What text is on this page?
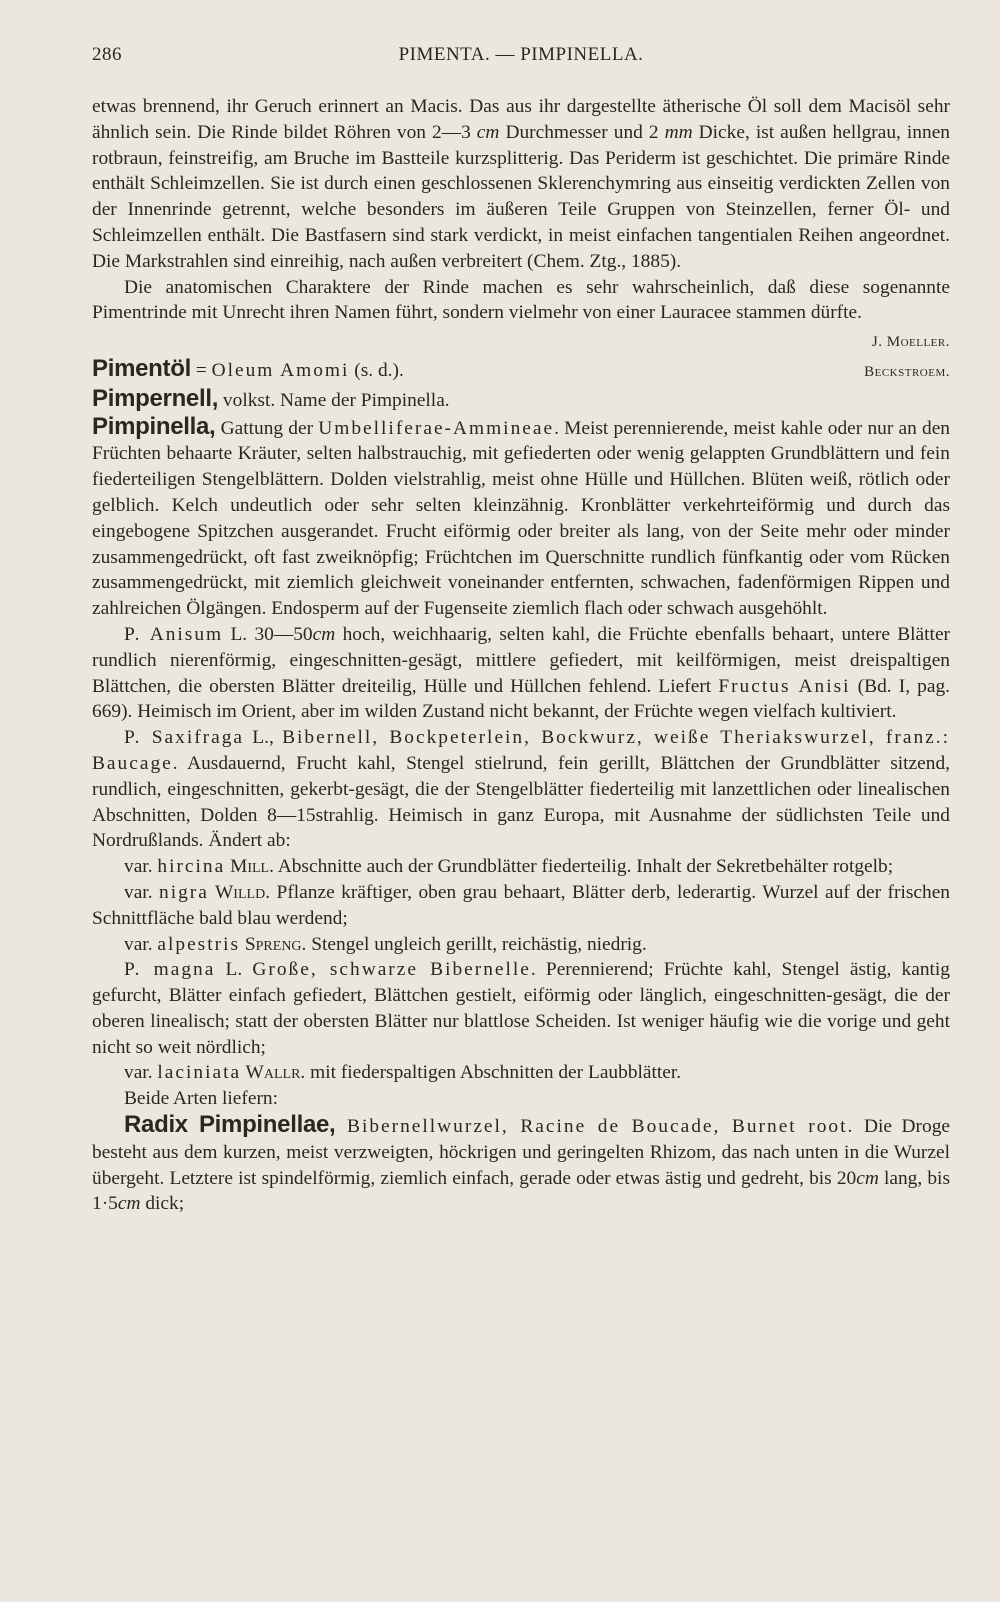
286	PIMENTA. — PIMPINELLA.

etwas brennend, ihr Geruch erinnert an Macis. Das aus ihr dargestellte ätherische Öl soll dem Macisöl sehr ähnlich sein. Die Rinde bildet Röhren von 2—3 cm Durchmesser und 2 mm Dicke, ist außen hellgrau, innen rotbraun, feinstreifig, am Bruche im Bastteile kurzsplitterig. Das Periderm ist geschichtet. Die primäre Rinde enthält Schleimzellen. Sie ist durch einen geschlossenen Sklerenchymring aus einseitig verdickten Zellen von der Innenrinde getrennt, welche besonders im äußeren Teile Gruppen von Steinzellen, ferner Öl- und Schleimzellen enthält. Die Bastfasern sind stark verdickt, in meist einfachen tangentialen Reihen angeordnet. Die Markstrahlen sind einreihig, nach außen verbreitert (Chem. Ztg., 1885).

Die anatomischen Charaktere der Rinde machen es sehr wahrscheinlich, daß diese sogenannte Pimentrinde mit Unrecht ihren Namen führt, sondern vielmehr von einer Lauracee stammen dürfte.
J. Moeller.

Pimentöl = Oleum Amomi (s. d.).	Beckstroem.

Pimpernell, volkst. Name der Pimpinella.

Pimpinella, Gattung der Umbelliferae-Ammineae. Meist perennierende, meist kahle oder nur an den Früchten behaarte Kräuter, selten halbstrauchig, mit gefiederten oder wenig gelappten Grundblättern und fein fiederteiligen Stengelblättern. Dolden vielstrahlig, meist ohne Hülle und Hüllchen. Blüten weiß, rötlich oder gelblich. Kelch undeutlich oder sehr selten kleinzähnig. Kronblätter verkehrteiförmig und durch das eingebogene Spitzchen ausgerandet. Frucht eiförmig oder breiter als lang, von der Seite mehr oder minder zusammengedrückt, oft fast zweiknöpfig; Früchtchen im Querschnitte rundlich fünfkantig oder vom Rücken zusammengedrückt, mit ziemlich gleichweit voneinander entfernten, schwachen, fadenförmigen Rippen und zahlreichen Ölgängen. Endosperm auf der Fugenseite ziemlich flach oder schwach ausgehöhlt.

P. Anisum L. 30—50cm hoch, weichhaarig, selten kahl, die Früchte ebenfalls behaart, untere Blätter rundlich nierenförmig, eingeschnitten-gesägt, mittlere gefiedert, mit keilförmigen, meist dreispaltigen Blättchen, die obersten Blätter dreiteilig, Hülle und Hüllchen fehlend. Liefert Fructus Anisi (Bd. I, pag. 669). Heimisch im Orient, aber im wilden Zustand nicht bekannt, der Früchte wegen vielfach kultiviert.

P. Saxifraga L., Bibernell, Bockpeterlein, Bockwurz, weiße Theriakswurzel, franz.: Baucage. Ausdauernd, Frucht kahl, Stengel stielrund, fein gerillt, Blättchen der Grundblätter sitzend, rundlich, eingeschnitten, gekerbt-gesägt, die der Stengelblätter fiederteilig mit lanzettlichen oder linealischen Abschnitten, Dolden 8—15strahlig. Heimisch in ganz Europa, mit Ausnahme der südlichsten Teile und Nordrußlands. Ändert ab:

var. hircina Mill. Abschnitte auch der Grundblätter fiederteilig. Inhalt der Sekretbehälter rotgelb;

var. nigra Willd. Pflanze kräftiger, oben grau behaart, Blätter derb, lederartig. Wurzel auf der frischen Schnittfläche bald blau werdend;

var. alpestris Spreng. Stengel ungleich gerillt, reichästig, niedrig.

P. magna L. Große, schwarze Bibernelle. Perennierend; Früchte kahl, Stengel ästig, kantig gefurcht, Blätter einfach gefiedert, Blättchen gestielt, eiförmig oder länglich, eingeschnitten-gesägt, die der oberen linealisch; statt der obersten Blätter nur blattlose Scheiden. Ist weniger häufig wie die vorige und geht nicht so weit nördlich;

var. laciniata Wallr. mit fiederspaltigen Abschnitten der Laubblätter.

Beide Arten liefern:

Radix Pimpinellae, Bibernellwurzel, Racine de Boucade, Burnet root. Die Droge besteht aus dem kurzen, meist verzweigten, höckrigen und geringelten Rhizom, das nach unten in die Wurzel übergeht. Letztere ist spindelförmig, ziemlich einfach, gerade oder etwas ästig und gedreht, bis 20cm lang, bis 1·5cm dick;
